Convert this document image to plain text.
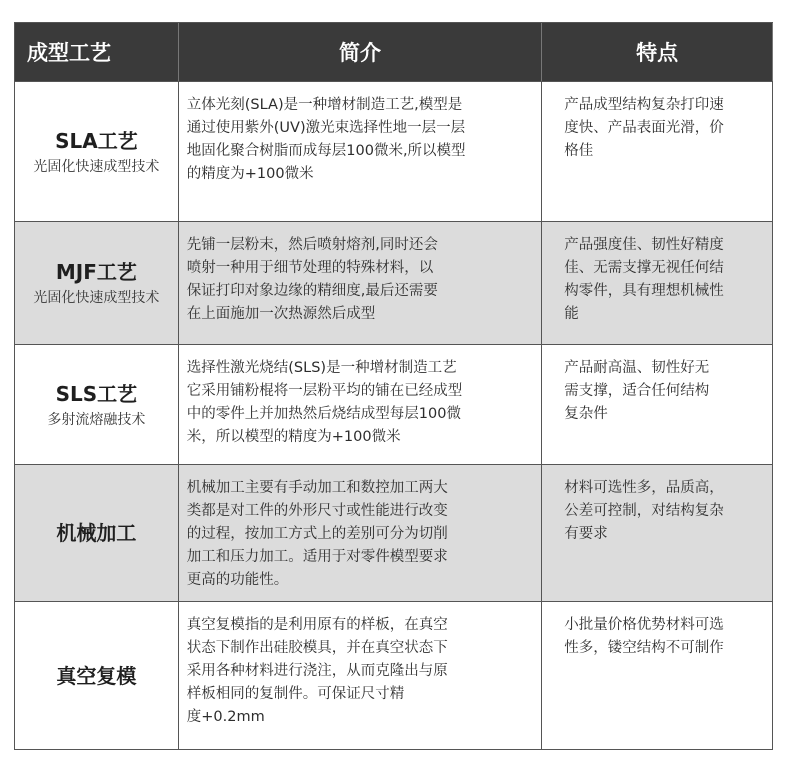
成型工艺	简介	特点
SLA工艺
光固化快速成型技术
立体光刻(SLA)是一种增材制造工艺,模型是
通过使用紫外(UV)激光束选择性地一层一层
地固化聚合树脂而成每层100微米,所以模型
的精度为+100微米
产品成型结构复杂打印速
度快、产品表面光滑，价
格佳
MJF工艺
光固化快速成型技术
先铺一层粉末，然后喷射熔剂,同时还会
喷射一种用于细节处理的特殊材料，以
保证打印对象边缘的精细度,最后还需要
在上面施加一次热源然后成型
产品强度佳、韧性好精度
佳、无需支撑无视任何结
构零件，具有理想机械性
能
SLS工艺
多射流熔融技术
选择性激光烧结(SLS)是一种增材制造工艺
它采用铺粉棍将一层粉平均的铺在已经成型
中的零件上并加热然后烧结成型每层100微
米，所以模型的精度为+100微米
产品耐高温、韧性好无
需支撑，适合任何结构
复杂件
机械加工
机械加工主要有手动加工和数控加工两大
类都是对工件的外形尺寸或性能进行改变
的过程，按加工方式上的差别可分为切削
加工和压力加工。适用于对零件模型要求
更高的功能性。
材料可选性多，品质高，
公差可控制，对结构复杂
有要求
真空复模
真空复模指的是利用原有的样板，在真空
状态下制作出硅胶模具，并在真空状态下
采用各种材料进行浇注，从而克隆出与原
样板相同的复制件。可保证尺寸精
度+0.2mm
小批量价格优势材料可选
性多，镂空结构不可制作
